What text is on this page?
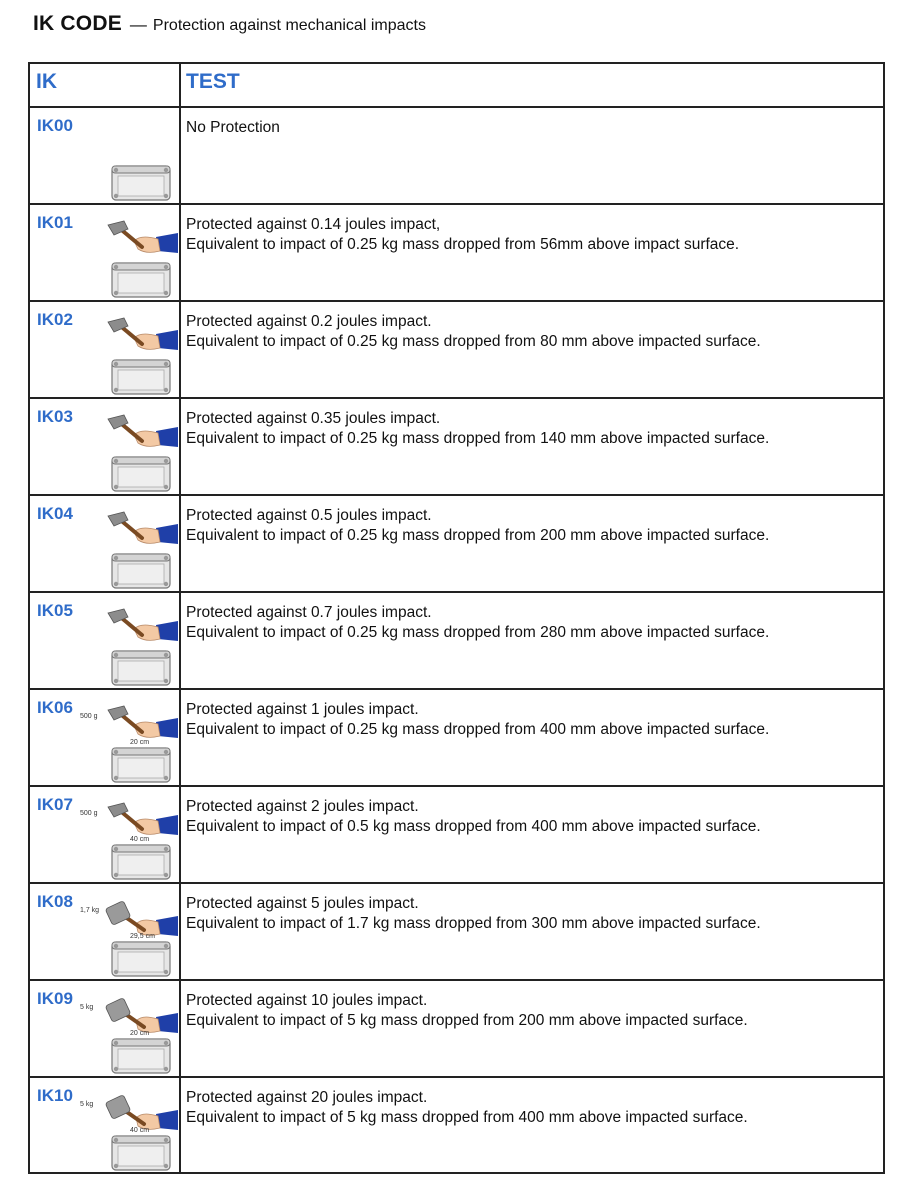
IK CODE — Protection against mechanical impacts
IK	TEST
IK00	No Protection
IK01	Protected against 0.14 joules impact,
Equivalent to impact of 0.25 kg mass dropped from 56mm above impact surface.
IK02	Protected against 0.2 joules impact.
Equivalent to impact of 0.25 kg mass dropped from 80 mm above impacted surface.
IK03	Protected against 0.35 joules impact.
Equivalent to impact of 0.25 kg mass dropped from 140 mm above impacted surface.
IK04	Protected against 0.5 joules impact.
Equivalent to impact of 0.25 kg mass dropped from 200 mm above impacted surface.
IK05	Protected against 0.7 joules impact.
Equivalent to impact of 0.25 kg mass dropped from 280 mm above impacted surface.
IK06	Protected against 1 joules impact.
Equivalent to impact of 0.25 kg mass dropped from 400 mm above impacted surface.
500 g
20 cm
IK07	Protected against 2 joules impact.
Equivalent to impact of 0.5 kg mass dropped from 400 mm above impacted surface.
500 g
40 cm
IK08	Protected against 5 joules impact.
Equivalent to impact of 1.7 kg mass dropped from 300 mm above impacted surface.
1,7 kg
29,5 cm
IK09	Protected against 10 joules impact.
Equivalent to impact of 5 kg mass dropped from 200 mm above impacted surface.
5 kg
20 cm
IK10	Protected against 20 joules impact.
Equivalent to impact of 5 kg mass dropped from 400 mm above impacted surface.
5 kg
40 cm
